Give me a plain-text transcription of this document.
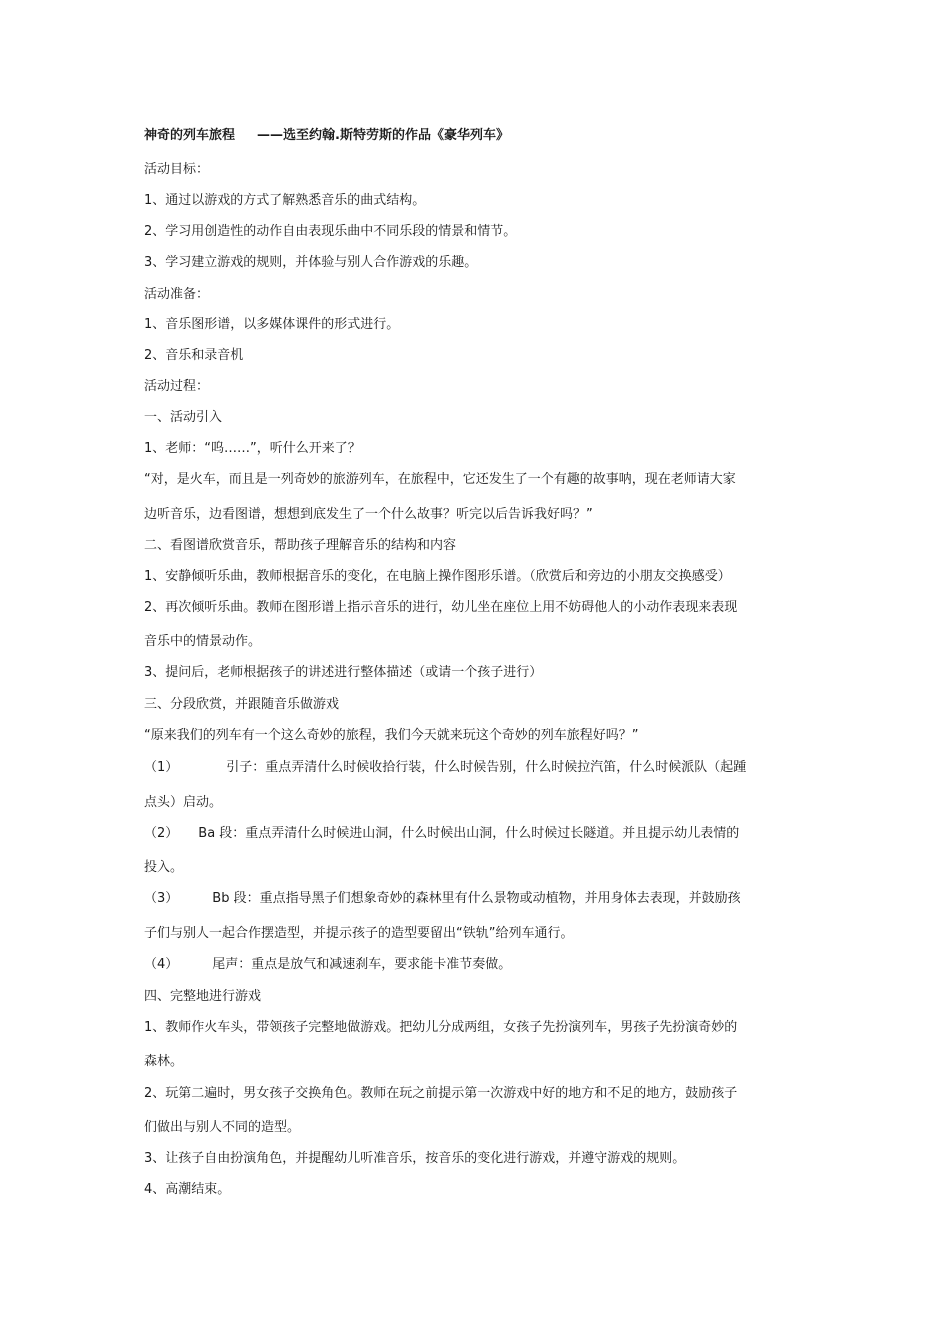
神奇的列车旅程 ——选至约翰.斯特劳斯的作品《豪华列车》
活动目标：
1、通过以游戏的方式了解熟悉音乐的曲式结构。
2、学习用创造性的动作自由表现乐曲中不同乐段的情景和情节。
3、学习建立游戏的规则，并体验与别人合作游戏的乐趣。
活动准备：
1、音乐图形谱，以多媒体课件的形式进行。
2、音乐和录音机
活动过程：
一、活动引入
1、老师：“呜……”，听什么开来了？
“对，是火车，而且是一列奇妙的旅游列车，在旅程中，它还发生了一个有趣的故事呐，现在老师请大家
边听音乐，边看图谱，想想到底发生了一个什么故事？听完以后告诉我好吗？”
二、看图谱欣赏音乐，帮助孩子理解音乐的结构和内容
1、安静倾听乐曲，教师根据音乐的变化，在电脑上操作图形乐谱。（欣赏后和旁边的小朋友交换感受）
2、再次倾听乐曲。教师在图形谱上指示音乐的进行，幼儿坐在座位上用不妨碍他人的小动作表现来表现
音乐中的情景动作。
3、提问后，老师根据孩子的讲述进行整体描述（或请一个孩子进行）
三、分段欣赏，并跟随音乐做游戏
“原来我们的列车有一个这么奇妙的旅程，我们今天就来玩这个奇妙的列车旅程好吗？”
（1）	引子：重点弄清什么时候收拾行装，什么时候告别，什么时候拉汽笛，什么时候派队（起踵
点头）启动。
（2） Ba 段：重点弄清什么时候进山洞，什么时候出山洞，什么时候过长隧道。并且提示幼儿表情的
投入。
（3）	Bb 段：重点指导黑子们想象奇妙的森林里有什么景物或动植物，并用身体去表现，并鼓励孩
子们与别人一起合作摆造型，并提示孩子的造型要留出“铁轨”给列车通行。
（4）	尾声：重点是放气和减速刹车，要求能卡准节奏做。
四、完整地进行游戏
1、教师作火车头，带领孩子完整地做游戏。把幼儿分成两组，女孩子先扮演列车，男孩子先扮演奇妙的
森林。
2、玩第二遍时，男女孩子交换角色。教师在玩之前提示第一次游戏中好的地方和不足的地方，鼓励孩子
们做出与别人不同的造型。
3、让孩子自由扮演角色，并提醒幼儿听准音乐，按音乐的变化进行游戏，并遵守游戏的规则。
4、高潮结束。
